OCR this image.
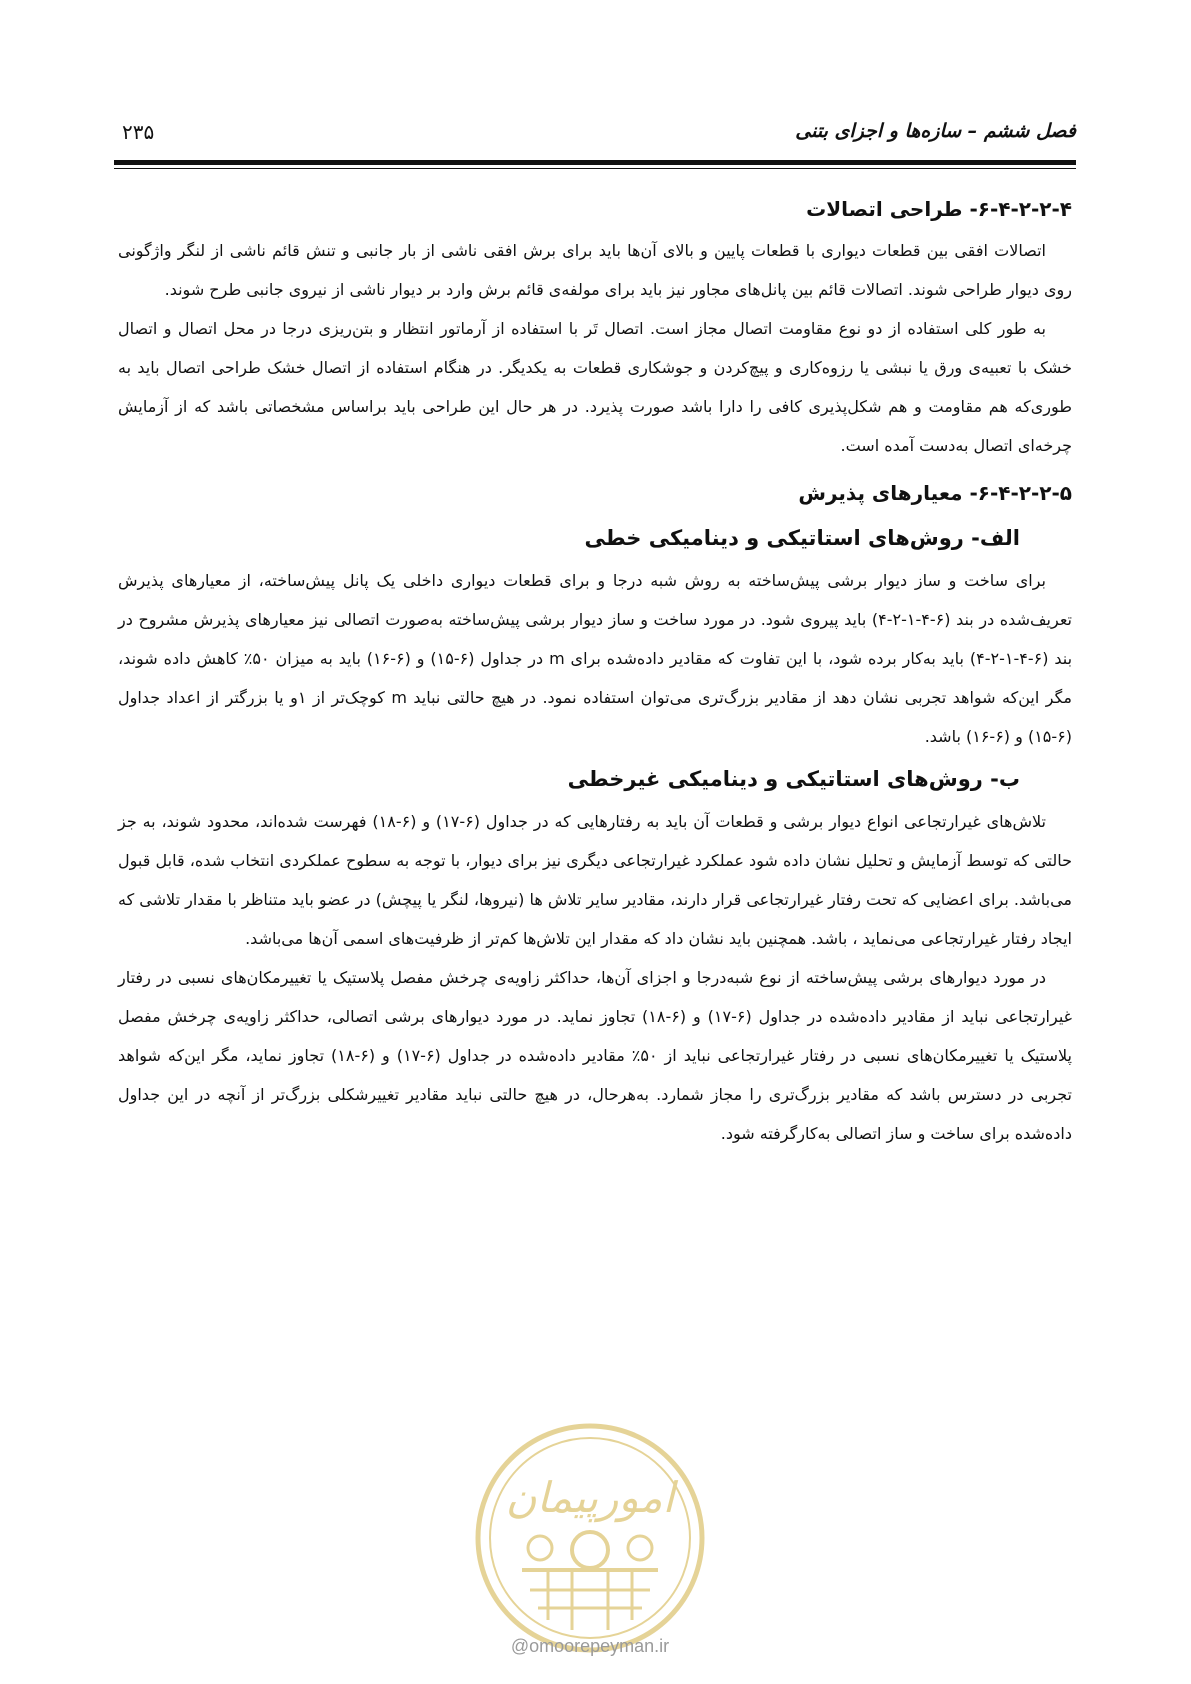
فصل ششم – سازه‌ها و اجزای بتنی
۲۳۵
۶-۴-۲-۲-۴- طراحی اتصالات

اتصالات افقی بین قطعات دیواری با قطعات پایین و بالای آن‌ها باید برای برش افقی ناشی از بار جانبی و تنش قائم ناشی از لنگر واژگونی روی دیوار طراحی شوند. اتصالات قائم بین پانل‌های مجاور نیز باید برای مولفه‌ی قائم برش وارد بر دیوار ناشی از نیروی جانبی طرح شوند.

به طور کلی استفاده از دو نوع مقاومت اتصال مجاز است. اتصال تَر با استفاده از آرماتور انتظار و بتن‌ریزی درجا در محل اتصال و اتصال خشک با تعبیه‌ی ورق یا نبشی یا رزوه‌کاری و پیچ‌کردن و جوشکاری قطعات به یکدیگر. در هنگام استفاده از اتصال خشک طراحی اتصال باید به طوری‌که هم مقاومت و هم شکل‌پذیری کافی را دارا باشد صورت پذیرد. در هر حال این طراحی باید براساس مشخصاتی باشد که از آزمایش چرخه‌ای اتصال به‌دست آمده است.

۶-۴-۲-۲-۵- معیارهای پذیرش
الف- روش‌های استاتیکی و دینامیکی خطی

برای ساخت و ساز دیوار برشی پیش‌ساخته به روش شبه درجا و برای قطعات دیواری داخلی یک پانل پیش‌ساخته، از معیارهای پذیرش تعریف‌شده در بند (۶-۴-۱-۲-۴) باید پیروی شود. در مورد ساخت و ساز دیوار برشی پیش‌ساخته به‌صورت اتصالی نیز معیارهای پذیرش مشروح در بند (۶-۴-۱-۲-۴) باید به‌کار برده شود، با این تفاوت که مقادیر داده‌شده برای m در جداول (۶-۱۵) و (۶-۱۶) باید به میزان ۵۰٪ کاهش داده شوند، مگر این‌که شواهد تجربی نشان دهد از مقادیر بزرگ‌تری می‌توان استفاده نمود. در هیچ حالتی نباید m کوچک‌تر از ۱و یا بزرگتر از اعداد جداول (۶-۱۵) و (۶-۱۶) باشد.

ب- روش‌های استاتیکی و دینامیکی غیرخطی

تلاش‌های غیرارتجاعی انواع دیوار برشی و قطعات آن باید به رفتارهایی که در جداول (۶-۱۷) و (۶-۱۸) فهرست شده‌اند، محدود شوند، به جز حالتی که توسط آزمایش و تحلیل نشان داده شود عملکرد غیرارتجاعی دیگری نیز برای دیوار، با توجه به سطوح عملکردی انتخاب شده، قابل قبول می‌باشد. برای اعضایی که تحت رفتار غیرارتجاعی قرار دارند، مقادیر سایر تلاش ها (نیروها، لنگر یا پیچش) در عضو باید متناظر با مقدار تلاشی که ایجاد رفتار غیرارتجاعی می‌نماید ، باشد. همچنین باید نشان داد که مقدار این تلاش‌ها کم‌تر از ظرفیت‌های اسمی آن‌ها می‌باشد.

در مورد دیوارهای برشی پیش‌ساخته از نوع شبه‌درجا و اجزای آن‌ها، حداکثر زاویه‌ی چرخش مفصل پلاستیک یا تغییرمکان‌های نسبی در رفتار غیرارتجاعی نباید از مقادیر داده‌شده در جداول (۶-۱۷) و (۶-۱۸) تجاوز نماید. در مورد دیوارهای برشی اتصالی، حداکثر زاویه‌ی چرخش مفصل پلاستیک یا تغییرمکان‌های نسبی در رفتار غیرارتجاعی نباید از ۵۰٪ مقادیر داده‌شده در جداول (۶-۱۷) و (۶-۱۸) تجاوز نماید، مگر این‌که شواهد تجربی در دسترس باشد که مقادیر بزرگ‌تری را مجاز شمارد. به‌هرحال، در هیچ حالتی نباید مقادیر تغییرشکلی بزرگ‌تر از آنچه در این جداول داده‌شده برای ساخت و ساز اتصالی به‌کارگرفته شود.

امورپیمان
@omoorepeyman.ir
